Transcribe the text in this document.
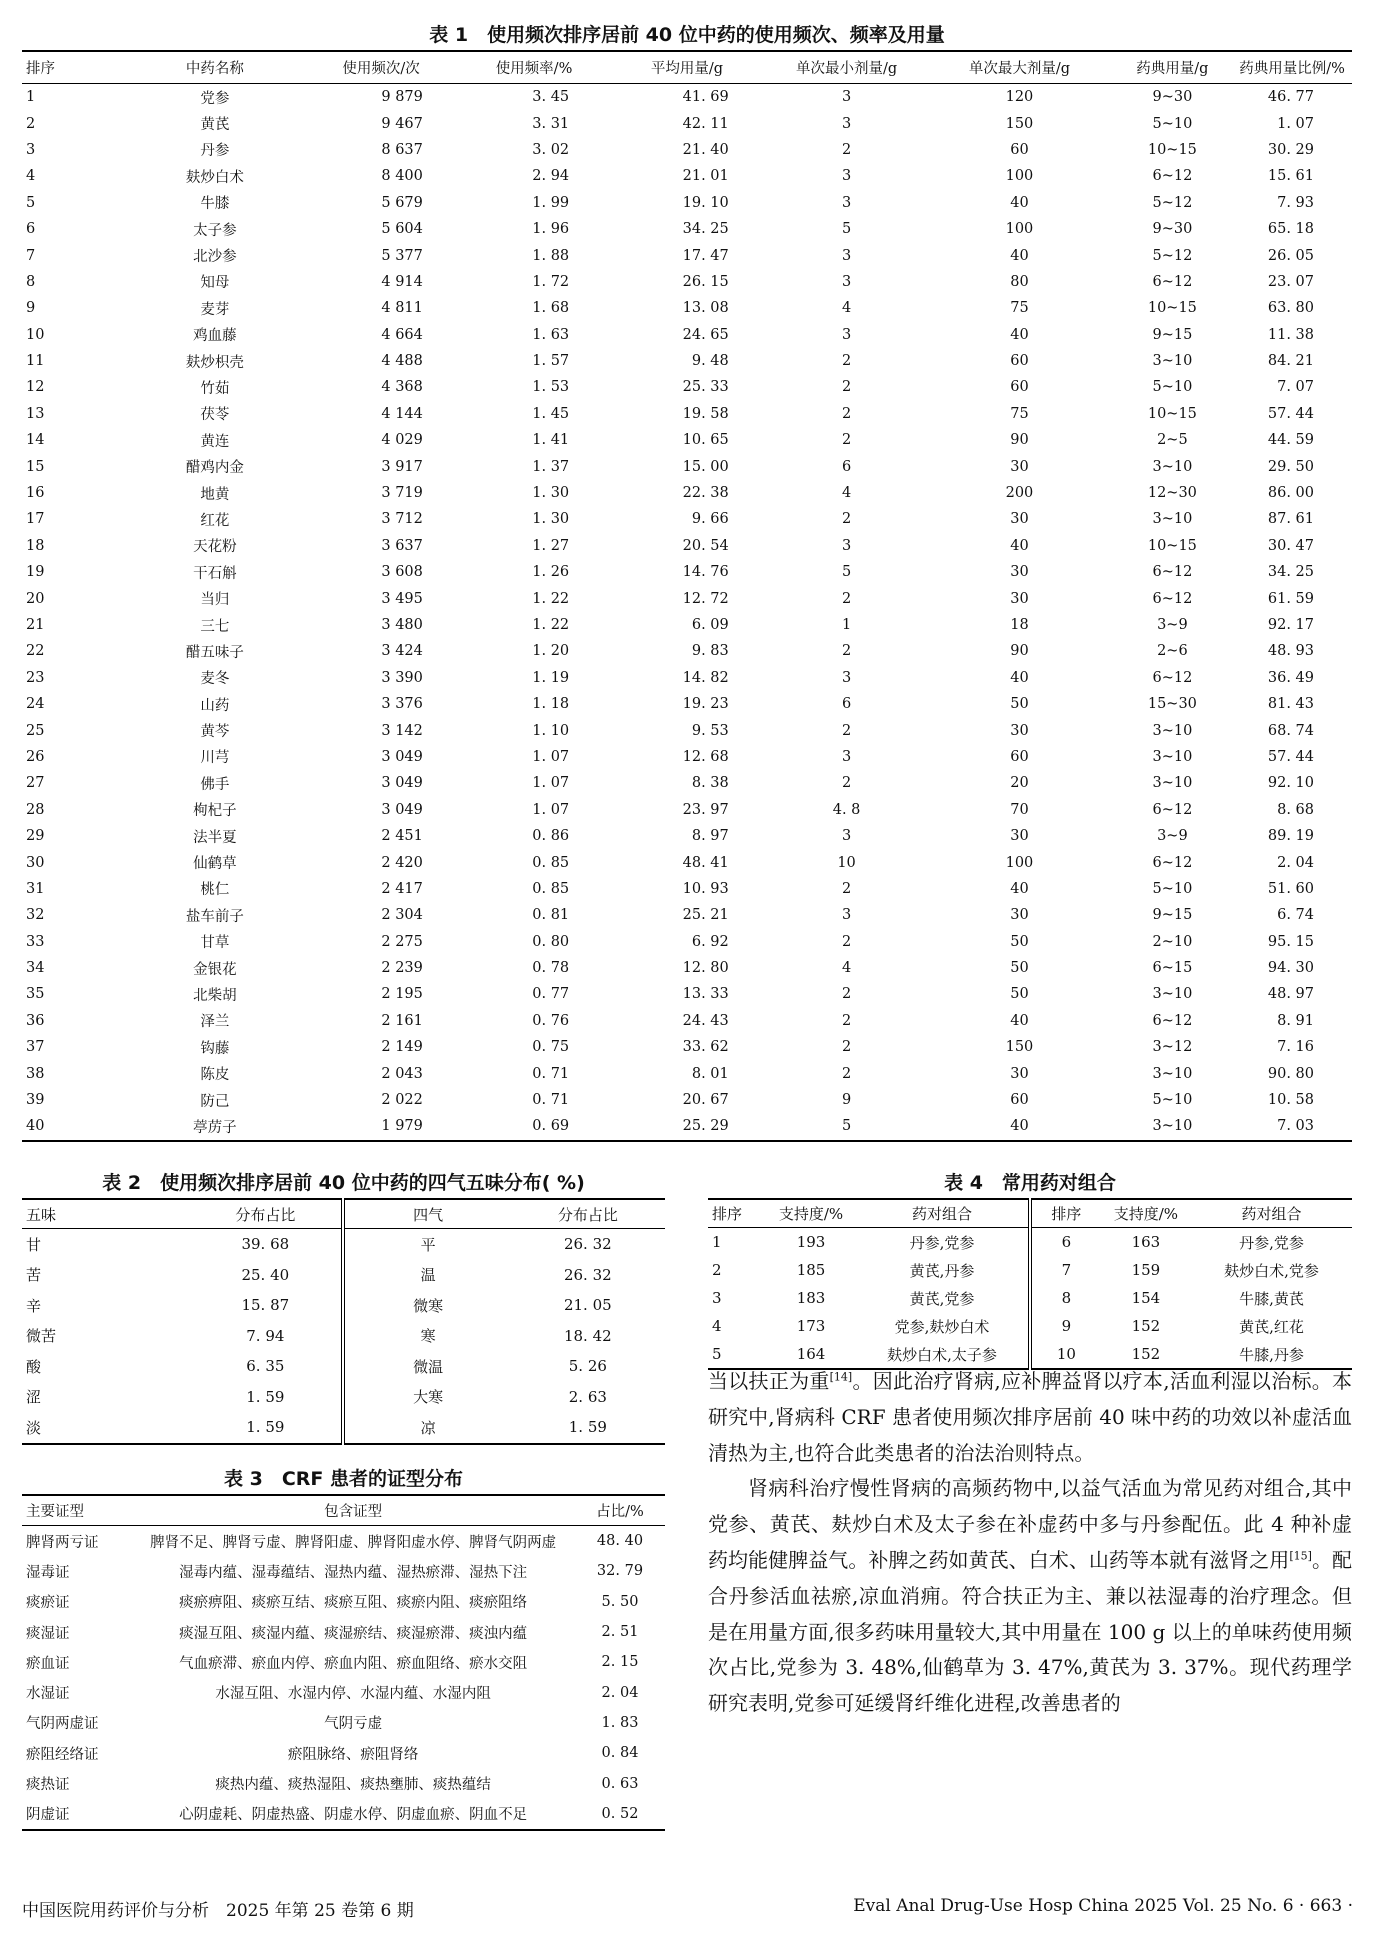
表 1　使用频次排序居前 40 位中药的使用频次、频率及用量
排序	中药名称	使用频次/次	使用频率/%	平均用量/g	单次最小剂量/g	单次最大剂量/g	药典用量/g	药典用量比例/%
1	党参	9 879	3. 45	41. 69	3	120	9~30	46. 77
2	黄芪	9 467	3. 31	42. 11	3	150	5~10	1. 07
3	丹参	8 637	3. 02	21. 40	2	60	10~15	30. 29
4	麸炒白术	8 400	2. 94	21. 01	3	100	6~12	15. 61
5	牛膝	5 679	1. 99	19. 10	3	40	5~12	7. 93
6	太子参	5 604	1. 96	34. 25	5	100	9~30	65. 18
7	北沙参	5 377	1. 88	17. 47	3	40	5~12	26. 05
8	知母	4 914	1. 72	26. 15	3	80	6~12	23. 07
9	麦芽	4 811	1. 68	13. 08	4	75	10~15	63. 80
10	鸡血藤	4 664	1. 63	24. 65	3	40	9~15	11. 38
11	麸炒枳壳	4 488	1. 57	9. 48	2	60	3~10	84. 21
12	竹茹	4 368	1. 53	25. 33	2	60	5~10	7. 07
13	茯苓	4 144	1. 45	19. 58	2	75	10~15	57. 44
14	黄连	4 029	1. 41	10. 65	2	90	2~5	44. 59
15	醋鸡内金	3 917	1. 37	15. 00	6	30	3~10	29. 50
16	地黄	3 719	1. 30	22. 38	4	200	12~30	86. 00
17	红花	3 712	1. 30	9. 66	2	30	3~10	87. 61
18	天花粉	3 637	1. 27	20. 54	3	40	10~15	30. 47
19	干石斛	3 608	1. 26	14. 76	5	30	6~12	34. 25
20	当归	3 495	1. 22	12. 72	2	30	6~12	61. 59
21	三七	3 480	1. 22	6. 09	1	18	3~9	92. 17
22	醋五味子	3 424	1. 20	9. 83	2	90	2~6	48. 93
23	麦冬	3 390	1. 19	14. 82	3	40	6~12	36. 49
24	山药	3 376	1. 18	19. 23	6	50	15~30	81. 43
25	黄芩	3 142	1. 10	9. 53	2	30	3~10	68. 74
26	川芎	3 049	1. 07	12. 68	3	60	3~10	57. 44
27	佛手	3 049	1. 07	8. 38	2	20	3~10	92. 10
28	枸杞子	3 049	1. 07	23. 97	4. 8	70	6~12	8. 68
29	法半夏	2 451	0. 86	8. 97	3	30	3~9	89. 19
30	仙鹤草	2 420	0. 85	48. 41	10	100	6~12	2. 04
31	桃仁	2 417	0. 85	10. 93	2	40	5~10	51. 60
32	盐车前子	2 304	0. 81	25. 21	3	30	9~15	6. 74
33	甘草	2 275	0. 80	6. 92	2	50	2~10	95. 15
34	金银花	2 239	0. 78	12. 80	4	50	6~15	94. 30
35	北柴胡	2 195	0. 77	13. 33	2	50	3~10	48. 97
36	泽兰	2 161	0. 76	24. 43	2	40	6~12	8. 91
37	钩藤	2 149	0. 75	33. 62	2	150	3~12	7. 16
38	陈皮	2 043	0. 71	8. 01	2	30	3~10	90. 80
39	防己	2 022	0. 71	20. 67	9	60	5~10	10. 58
40	葶苈子	1 979	0. 69	25. 29	5	40	3~10	7. 03
表 2　使用频次排序居前 40 位中药的四气五味分布( %)
五味	分布占比	四气	分布占比
甘	39. 68	平	26. 32
苦	25. 40	温	26. 32
辛	15. 87	微寒	21. 05
微苦	7. 94	寒	18. 42
酸	6. 35	微温	5. 26
涩	1. 59	大寒	2. 63
淡	1. 59	凉	1. 59
表 4　常用药对组合
排序	支持度/%	药对组合	排序	支持度/%	药对组合
1	193	丹参,党参	6	163	丹参,党参
2	185	黄芪,丹参	7	159	麸炒白术,党参
3	183	黄芪,党参	8	154	牛膝,黄芪
4	173	党参,麸炒白术	9	152	黄芪,红花
5	164	麸炒白术,太子参	10	152	牛膝,丹参
表 3　CRF 患者的证型分布
主要证型	包含证型	占比/%
脾肾两亏证	脾肾不足、脾肾亏虚、脾肾阳虚、脾肾阳虚水停、脾肾气阴两虚	48. 40
湿毒证	湿毒内蕴、湿毒蕴结、湿热内蕴、湿热瘀滞、湿热下注	32. 79
痰瘀证	痰瘀痹阻、痰瘀互结、痰瘀互阻、痰瘀内阻、痰瘀阻络	5. 50
痰湿证	痰湿互阻、痰湿内蕴、痰湿瘀结、痰湿瘀滞、痰浊内蕴	2. 51
瘀血证	气血瘀滞、瘀血内停、瘀血内阻、瘀血阻络、瘀水交阻	2. 15
水湿证	水湿互阻、水湿内停、水湿内蕴、水湿内阻	2. 04
气阴两虚证	气阴亏虚	1. 83
瘀阻经络证	瘀阻脉络、瘀阻肾络	0. 84
痰热证	痰热内蕴、痰热湿阻、痰热壅肺、痰热蕴结	0. 63
阴虚证	心阴虚耗、阴虚热盛、阴虚水停、阴虚血瘀、阴血不足	0. 52

当以扶正为重[14]。因此治疗肾病,应补脾益肾以疗本,活血利湿以治标。本研究中,肾病科 CRF 患者使用频次排序居前 40 味中药的功效以补虚活血清热为主,也符合此类患者的治法治则特点。

肾病科治疗慢性肾病的高频药物中,以益气活血为常见药对组合,其中党参、黄芪、麸炒白术及太子参在补虚药中多与丹参配伍。此 4 种补虚药均能健脾益气。补脾之药如黄芪、白术、山药等本就有滋肾之用[15]。配合丹参活血祛瘀,凉血消痈。符合扶正为主、兼以祛湿毒的治疗理念。但是在用量方面,很多药味用量较大,其中用量在 100 g 以上的单味药使用频次占比,党参为 3. 48%,仙鹤草为 3. 47%,黄芪为 3. 37%。现代药理学研究表明,党参可延缓肾纤维化进程,改善患者的

中国医院用药评价与分析　2025 年第 25 卷第 6 期	Eval Anal Drug-Use Hosp China 2025 Vol. 25 No. 6 · 663 ·
